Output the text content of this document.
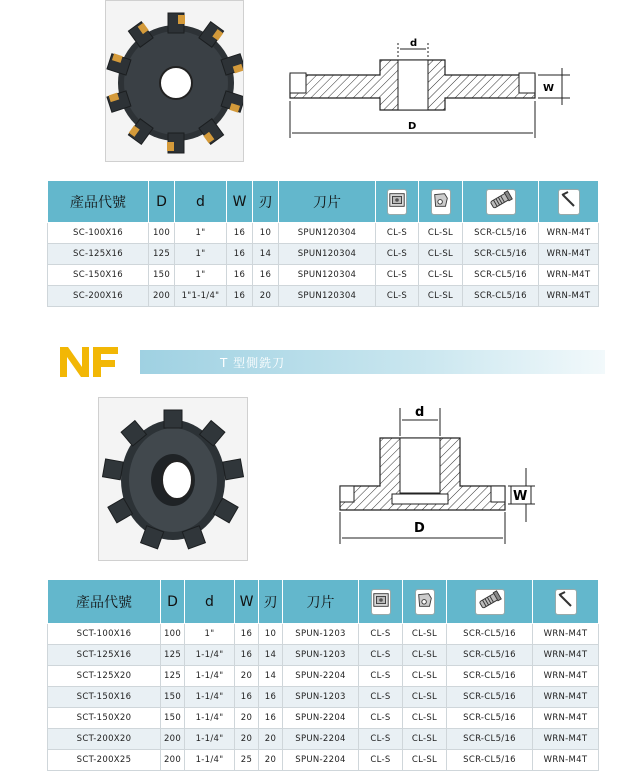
d
W
D
產品代號	D	d	W	刃	刀片				
SC-100X16	100	1"	16	10	SPUN120304	CL-S	CL-SL	SCR-CL5/16	WRN-M4T
SC-125X16	125	1"	16	14	SPUN120304	CL-S	CL-SL	SCR-CL5/16	WRN-M4T
SC-150X16	150	1"	16	16	SPUN120304	CL-S	CL-SL	SCR-CL5/16	WRN-M4T
SC-200X16	200	1"1-1/4"	16	20	SPUN120304	CL-S	CL-SL	SCR-CL5/16	WRN-M4T
T 型側銑刀
d
W
D
產品代號	D	d	W	刃	刀片				
SCT-100X16	100	1"	16	10	SPUN-1203	CL-S	CL-SL	SCR-CL5/16	WRN-M4T
SCT-125X16	125	1-1/4"	16	14	SPUN-1203	CL-S	CL-SL	SCR-CL5/16	WRN-M4T
SCT-125X20	125	1-1/4"	20	14	SPUN-2204	CL-S	CL-SL	SCR-CL5/16	WRN-M4T
SCT-150X16	150	1-1/4"	16	16	SPUN-1203	CL-S	CL-SL	SCR-CL5/16	WRN-M4T
SCT-150X20	150	1-1/4"	20	16	SPUN-2204	CL-S	CL-SL	SCR-CL5/16	WRN-M4T
SCT-200X20	200	1-1/4"	20	20	SPUN-2204	CL-S	CL-SL	SCR-CL5/16	WRN-M4T
SCT-200X25	200	1-1/4"	25	20	SPUN-2204	CL-S	CL-SL	SCR-CL5/16	WRN-M4T
